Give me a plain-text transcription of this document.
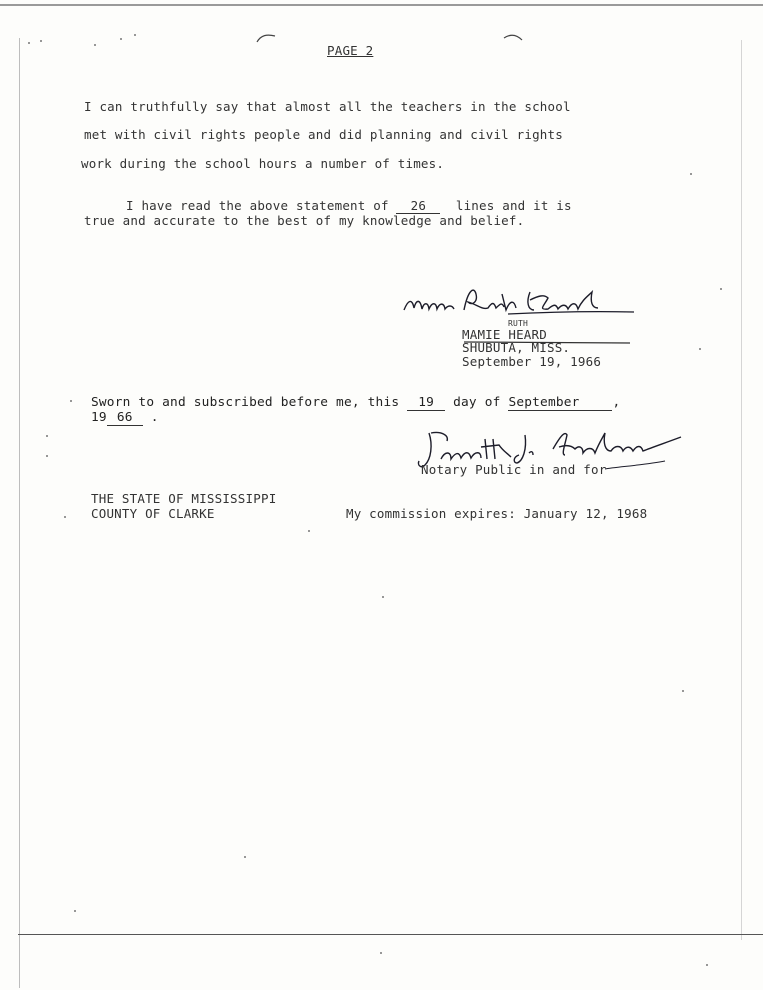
PAGE 2
I can truthfully say that almost all the teachers in the school
met with civil rights people and did planning and civil rights
work during the school hours a number of times.
I have read the above statement of 26 lines and it is
true and accurate to the best of my knowledge and belief.
Mamie Ruth Heard
MAMIE HEARD
RUTH
SHUBUTA, MISS.
September 19, 1966
Sworn to and subscribed before me, this 19 day of September	,
19 66 .
Vanette J. Hudson
Notary Public in and for
THE STATE OF MISSISSIPPI
COUNTY OF CLARKE	My commission expires: January 12, 1968
